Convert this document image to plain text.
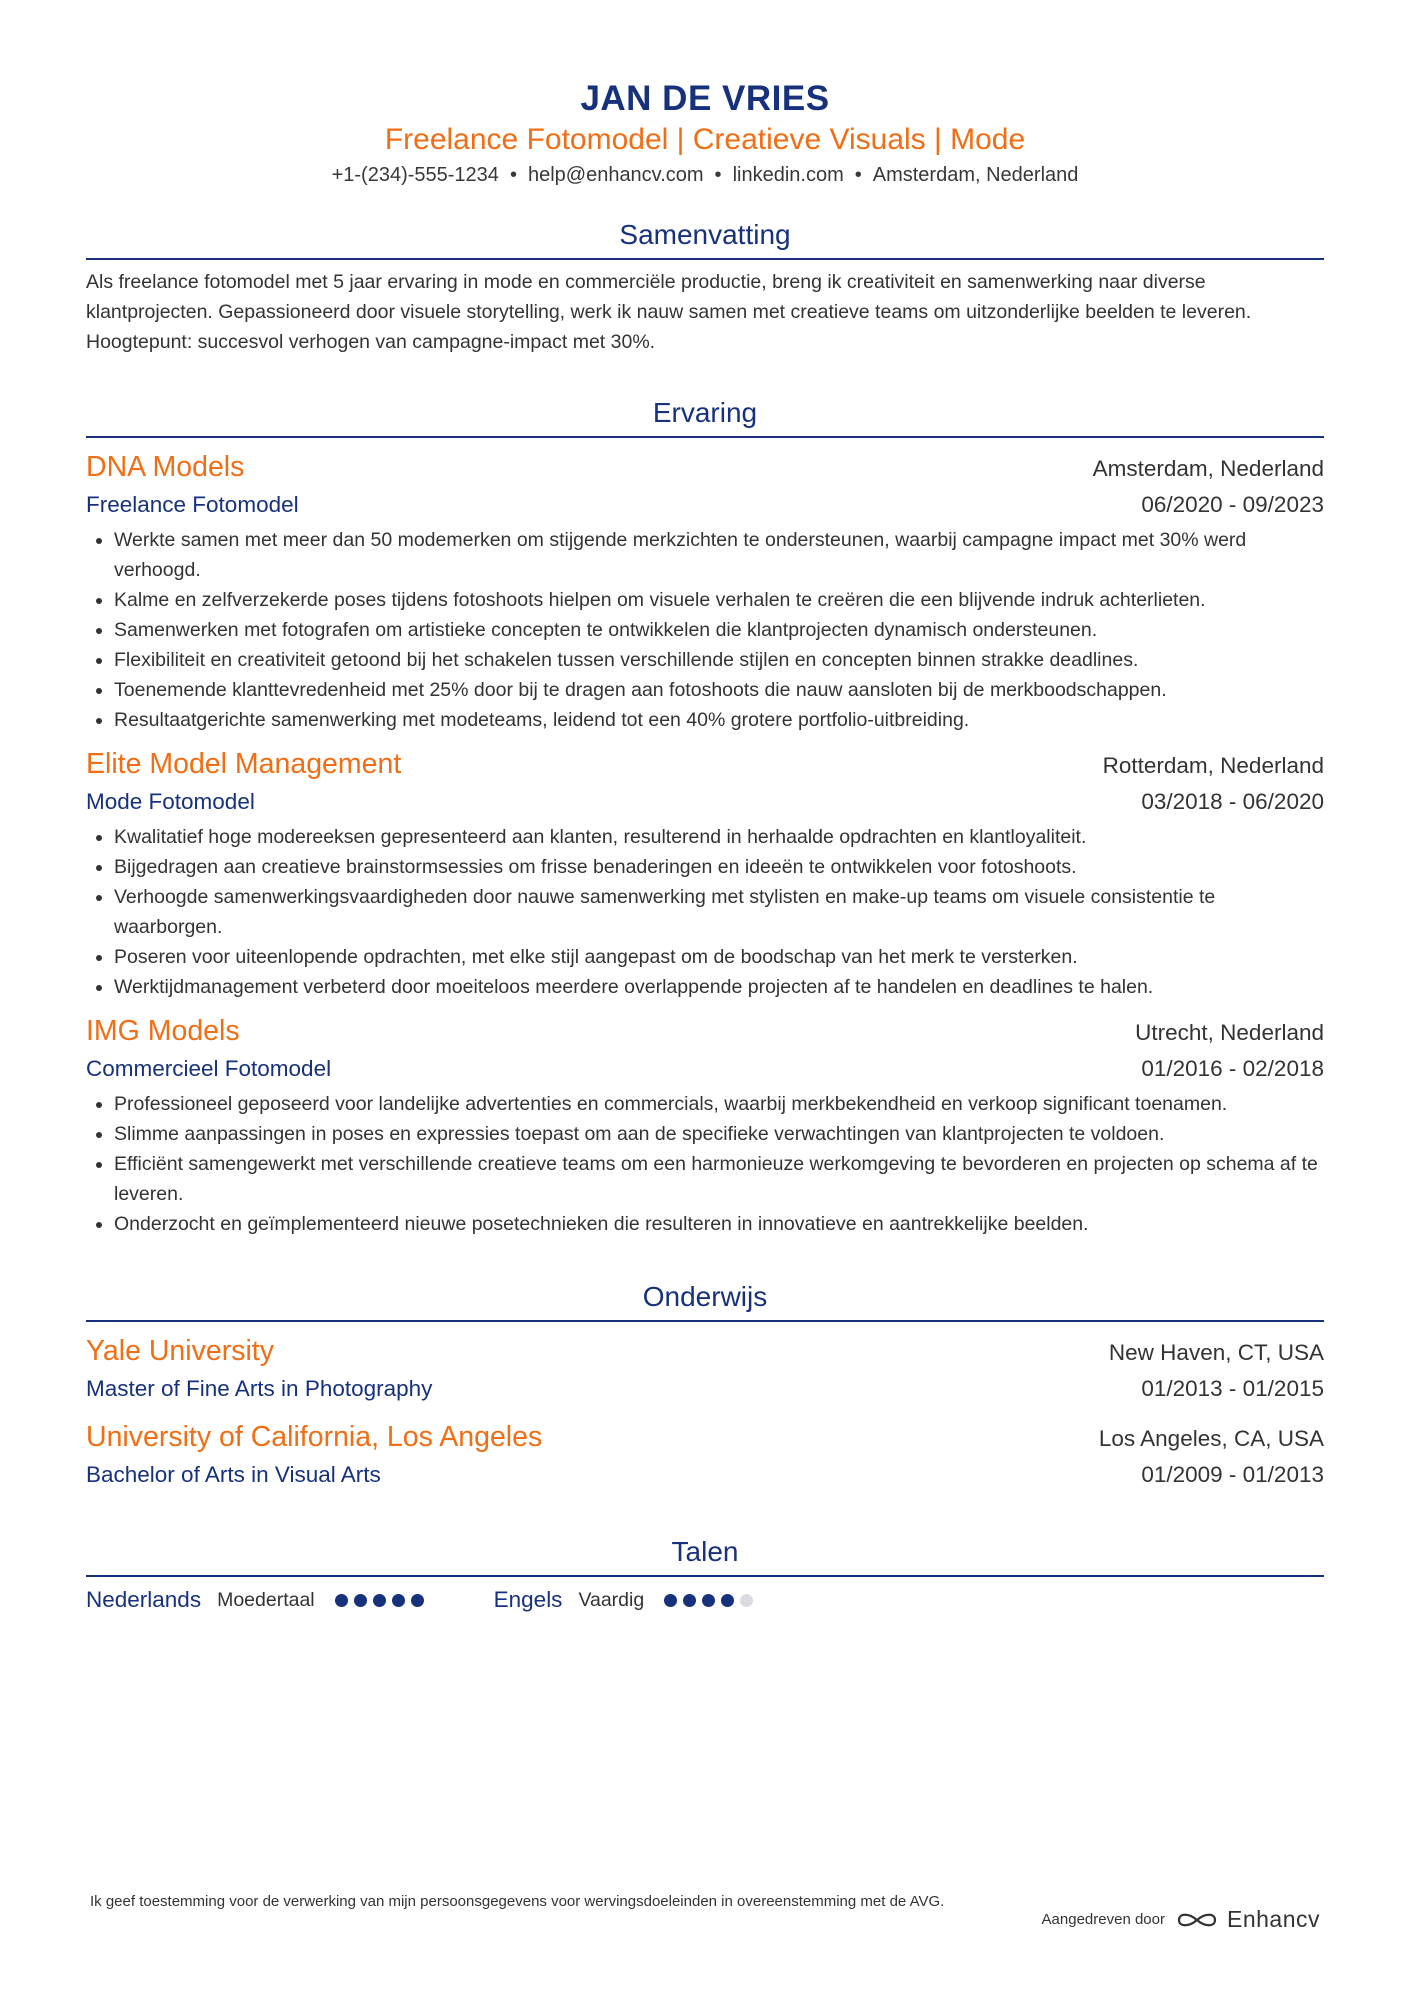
JAN DE VRIES
Freelance Fotomodel | Creatieve Visuals | Mode
+1-(234)-555-1234 • help@enhancv.com • linkedin.com • Amsterdam, Nederland
Samenvatting
Als freelance fotomodel met 5 jaar ervaring in mode en commerciële productie, breng ik creativiteit en samenwerking naar diverse klantprojecten. Gepassioneerd door visuele storytelling, werk ik nauw samen met creatieve teams om uitzonderlijke beelden te leveren. Hoogtepunt: succesvol verhogen van campagne-impact met 30%.
Ervaring
DNA Models	Amsterdam, Nederland
Freelance Fotomodel	06/2020 - 09/2023
• Werkte samen met meer dan 50 modemerken om stijgende merkzichten te ondersteunen, waarbij campagne impact met 30% werd verhoogd.
• Kalme en zelfverzekerde poses tijdens fotoshoots hielpen om visuele verhalen te creëren die een blijvende indruk achterlieten.
• Samenwerken met fotografen om artistieke concepten te ontwikkelen die klantprojecten dynamisch ondersteunen.
• Flexibiliteit en creativiteit getoond bij het schakelen tussen verschillende stijlen en concepten binnen strakke deadlines.
• Toenemende klanttevredenheid met 25% door bij te dragen aan fotoshoots die nauw aansloten bij de merkboodschappen.
• Resultaatgerichte samenwerking met modeteams, leidend tot een 40% grotere portfolio-uitbreiding.
Elite Model Management	Rotterdam, Nederland
Mode Fotomodel	03/2018 - 06/2020
• Kwalitatief hoge modereeksen gepresenteerd aan klanten, resulterend in herhaalde opdrachten en klantloyaliteit.
• Bijgedragen aan creatieve brainstormsessies om frisse benaderingen en ideeën te ontwikkelen voor fotoshoots.
• Verhoogde samenwerkingsvaardigheden door nauwe samenwerking met stylisten en make-up teams om visuele consistentie te waarborgen.
• Poseren voor uiteenlopende opdrachten, met elke stijl aangepast om de boodschap van het merk te versterken.
• Werktijdmanagement verbeterd door moeiteloos meerdere overlappende projecten af te handelen en deadlines te halen.
IMG Models	Utrecht, Nederland
Commercieel Fotomodel	01/2016 - 02/2018
• Professioneel geposeerd voor landelijke advertenties en commercials, waarbij merkbekendheid en verkoop significant toenamen.
• Slimme aanpassingen in poses en expressies toepast om aan de specifieke verwachtingen van klantprojecten te voldoen.
• Efficiënt samengewerkt met verschillende creatieve teams om een harmonieuze werkomgeving te bevorderen en projecten op schema af te leveren.
• Onderzocht en geïmplementeerd nieuwe posetechnieken die resulteren in innovatieve en aantrekkelijke beelden.
Onderwijs
Yale University	New Haven, CT, USA
Master of Fine Arts in Photography	01/2013 - 01/2015
University of California, Los Angeles	Los Angeles, CA, USA
Bachelor of Arts in Visual Arts	01/2009 - 01/2013
Talen
Nederlands Moedertaal	Engels Vaardig
Ik geef toestemming voor de verwerking van mijn persoonsgegevens voor wervingsdoeleinden in overeenstemming met de AVG.
Aangedreven door	Enhancv
